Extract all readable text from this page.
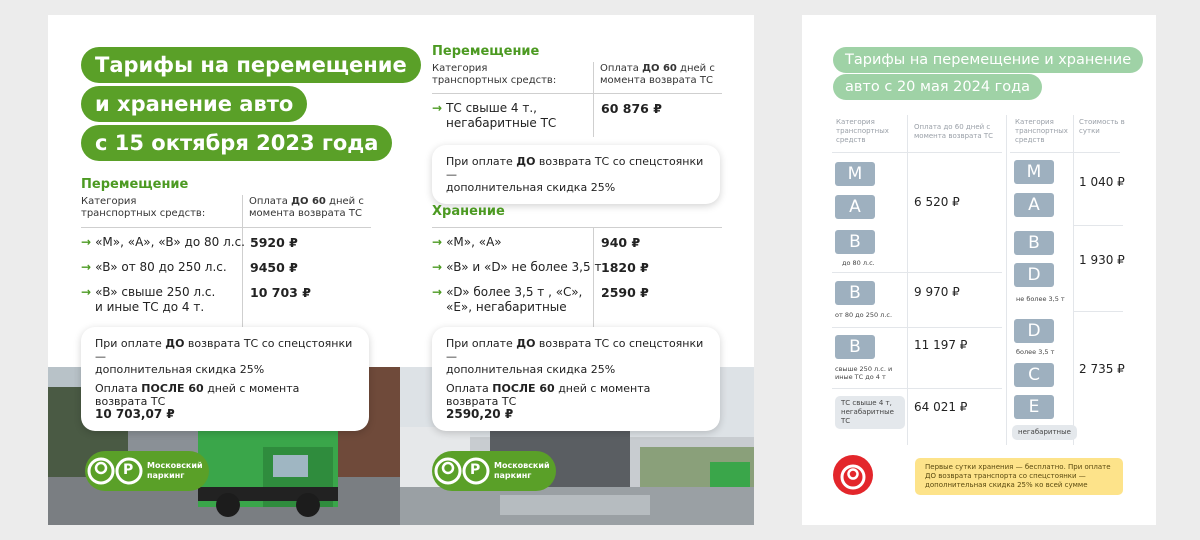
Тарифы на перемещение
и хранение авто
с 15 октября 2023 года
Перемещение
Категория транспортных средств:
Оплата ДО 60 дней с момента возврата ТС
→ «M», «A», «B» до 80 л.с. 5920 ₽
→ «B» от 80 до 250 л.с. 9450 ₽
→ «B» свыше 250 л.с.
и иные ТС до 4 т.
10 703 ₽
При оплате ДО возврата ТС со спецстоянки —
дополнительная скидка 25%
Оплата ПОСЛЕ 60 дней с момента возврата ТС
10 703,07 ₽
P Московский
паркинг
Перемещение
Категория транспортных средств:
Оплата ДО 60 дней с момента возврата ТС
→ ТС свыше 4 т.,
негабаритные ТС
60 876 ₽
При оплате ДО возврата ТС со спецстоянки —
дополнительная скидка 25%
Хранение
→ «M», «A»	940 ₽
→ «B» и «D» не более 3,5 т 1820 ₽
→ «D» более 3,5 т , «C»,
«E», негабаритные
2590 ₽
При оплате ДО возврата ТС со спецстоянки —
дополнительная скидка 25%
Оплата ПОСЛЕ 60 дней с момента возврата ТС
2590,20 ₽
P Московский
паркинг
Тарифы на перемещение и хранение
авто с 20 мая 2024 года
Категория транспортных средств
Оплата до 60 дней с момента возврата ТС
Категория транспортных средств
Стоимость в сутки
M
A
B
до 80 л.с.
B
от 80 до 250 л.с.
B
свыше 250 л.с. и иные ТС до 4 т
ТС свыше 4 т, негабаритные ТС
6 520 ₽
9 970 ₽
11 197 ₽
64 021 ₽
M
A
B
D
не более 3,5 т
D
более 3,5 т
C
E
негабаритные
1 040 ₽
1 930 ₽
2 735 ₽
Первые сутки хранения — бесплатно. При оплате ДО возврата транспорта со спецстоянки — дополнительная скидка 25% ко всей сумме
